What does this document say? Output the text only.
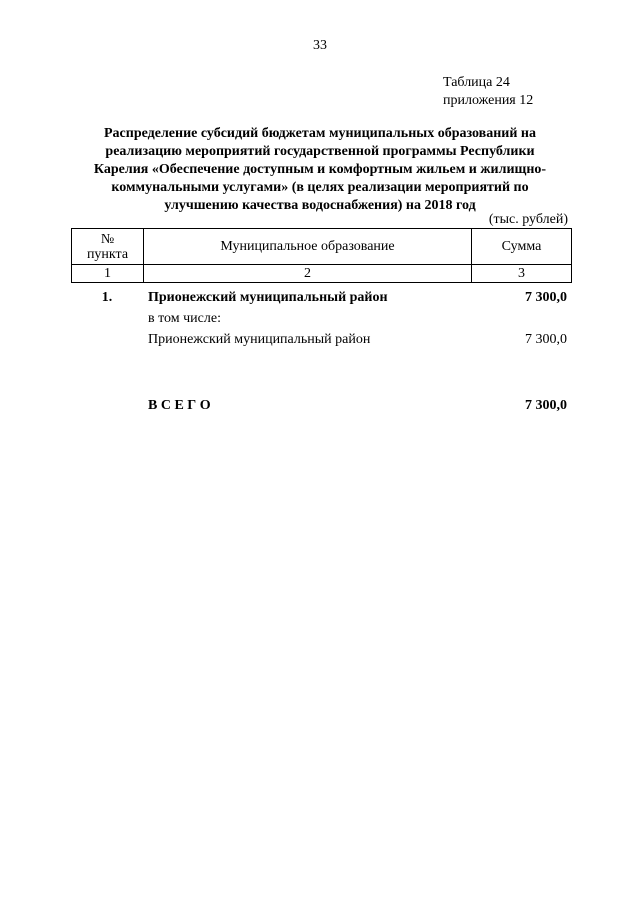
33
Таблица 24
приложения 12
Распределение субсидий бюджетам муниципальных образований на
реализацию мероприятий государственной программы Республики
Карелия «Обеспечение доступным и комфортным жильем и жилищно-
коммунальными услугами» (в целях реализации мероприятий по
улучшению качества водоснабжения) на 2018 год
(тыс. рублей)
№
пункта	Муниципальное образование	Сумма
1	2	3
1.	Прионежский муниципальный район	7 300,0
в том числе:
Прионежский муниципальный район	7 300,0
В С Е Г О	7 300,0
